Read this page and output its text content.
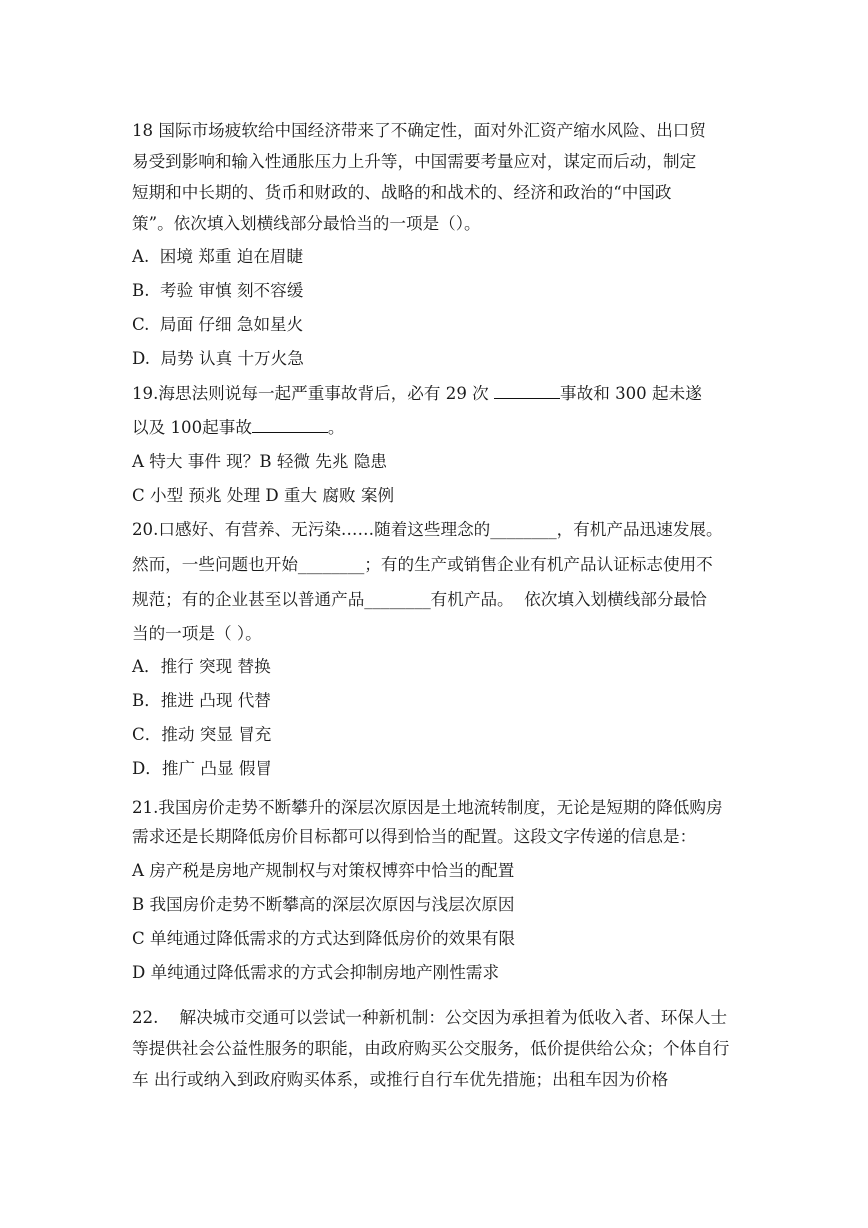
18 国际市场疲软给中国经济带来了不确定性，面对外汇资产缩水风险、出口贸
易受到影响和输入性通胀压力上升等，中国需要考量应对，谋定而后动，制定
短期和中长期的、货币和财政的、战略的和战术的、经济和政治的“中国政
策”。依次填入划横线部分最恰当的一项是（）。
A.  困境 郑重 迫在眉睫
B.  考验 审慎 刻不容缓
C.  局面 仔细 急如星火
D.  局势 认真 十万火急
19.海思法则说每一起严重事故背后，必有 29 次	事故和 300 起未遂
以及 100起事故	。
A 特大 事件 现？B 轻微 先兆 隐患
C 小型 预兆 处理 D 重大 腐败 案例
20.口感好、有营养、无污染……随着这些理念的________，有机产品迅速发展。
然而，一些问题也开始________；有的生产或销售企业有机产品认证标志使用不
规范；有的企业甚至以普通产品________有机产品。  依次填入划横线部分最恰
当的一项是（ ）。
A．推行 突现 替换
B．推进 凸现 代替
C．推动 突显 冒充
D．推广 凸显 假冒
21.我国房价走势不断攀升的深层次原因是土地流转制度，无论是短期的降低购房
需求还是长期降低房价目标都可以得到恰当的配置。这段文字传递的信息是：
A 房产税是房地产规制权与对策权博弈中恰当的配置
B 我国房价走势不断攀高的深层次原因与浅层次原因
C 单纯通过降低需求的方式达到降低房价的效果有限
D 单纯通过降低需求的方式会抑制房地产刚性需求
22.    解决城市交通可以尝试一种新机制：公交因为承担着为低收入者、环保人士
等提供社会公益性服务的职能，由政府购买公交服务，低价提供给公众；个体自行
车 出行或纳入到政府购买体系，或推行自行车优先措施；出租车因为价格
